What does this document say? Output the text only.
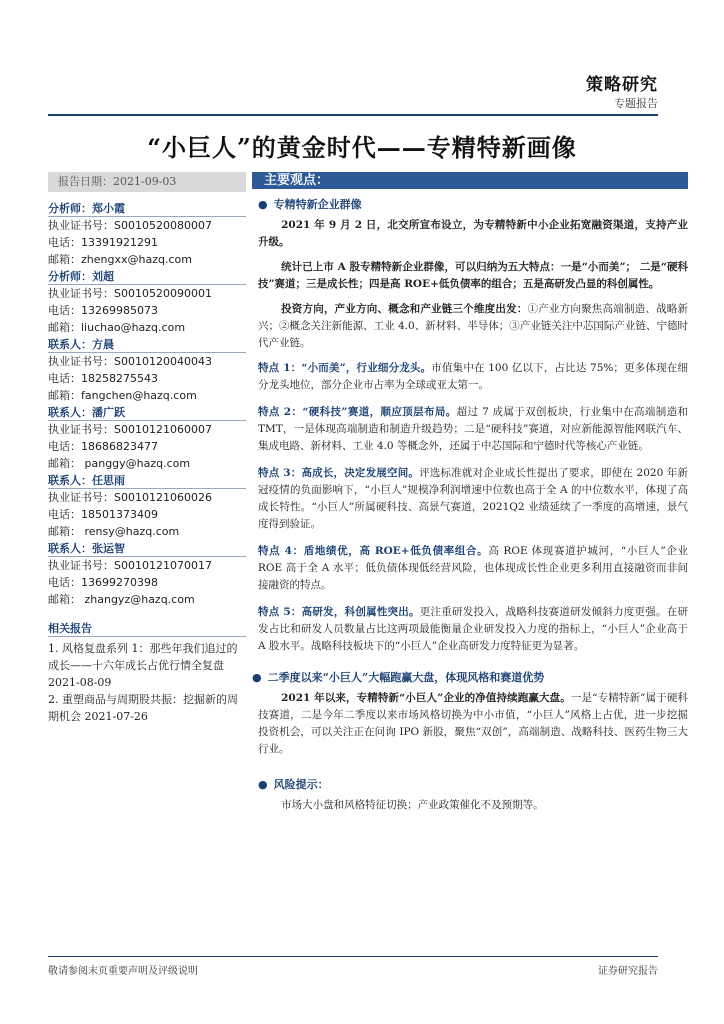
策略研究
专题报告
“小巨人”的黄金时代——专精特新画像
报告日期：2021-09-03	主要观点：
分析师：郑小霞
执业证书号：S0010520080007
电话：13391921291
邮箱：zhengxx@hazq.com
分析师：刘超
执业证书号：S0010520090001
电话：13269985073
邮箱：liuchao@hazq.com
联系人：方晨
执业证书号：S0010120040043
电话：18258275543
邮箱：fangchen@hazq.com
联系人：潘广跃
执业证书号：S0010121060007
电话：18686823477
邮箱： panggy@hazq.com
联系人：任思雨
执业证书号：S0010121060026
电话：18501373409
邮箱： rensy@hazq.com
联系人：张运智
执业证书号：S0010121070017
电话：13699270398
邮箱： zhangyz@hazq.com
相关报告
1. 风格复盘系列 1：那些年我们追过的成长——十六年成长占优行情全复盘 2021-08-09
2. 重塑商品与周期股共振：挖掘新的周期机会 2021-07-26
● 专精特新企业群像

2021 年 9 月 2 日，北交所宣布设立，为专精特新中小企业拓宽融资渠道，支持产业升级。

统计已上市 A 股专精特新企业群像，可以归纳为五大特点：一是“小而美”； 二是“硬科技”赛道；三是成长性；四是高 ROE+低负债率的组合；五是高研发凸显的科创属性。

投资方向，产业方向、概念和产业链三个维度出发：①产业方向聚焦高端制造、战略新兴；②概念关注新能源、工业 4.0、新材料、半导体；③产业链关注中芯国际产业链、宁德时代产业链。

特点 1：“小而美”，行业细分龙头。市值集中在 100 亿以下，占比达 75%；更多体现在细分龙头地位，部分企业市占率为全球或亚太第一。

特点 2：“硬科技”赛道，顺应顶层布局。超过 7 成属于双创板块，行业集中在高端制造和 TMT，一是体现高端制造和制造升级趋势；二是“硬科技”赛道，对应新能源智能网联汽车、集成电路、新材料、工业 4.0 等概念外，还属于中芯国际和宁德时代等核心产业链。

特点 3：高成长，决定发展空间。评选标准就对企业成长性提出了要求，即使在 2020 年新冠疫情的负面影响下，“小巨人”规模净利润增速中位数也高于全 A 的中位数水平，体现了高成长特性。“小巨人”所属硬科技、高景气赛道，2021Q2 业绩延续了一季度的高增速，景气度得到验证。

特点 4：盾地绩优，高 ROE+低负债率组合。高 ROE 体现赛道护城河，“小巨人”企业 ROE 高于全 A 水平；低负债体现低经营风险，也体现成长性企业更多利用直接融资而非间接融资的特点。

特点 5：高研发，科创属性突出。更注重研发投入，战略科技赛道研发倾斜力度更强。在研发占比和研发人员数量占比这两项最能衡量企业研发投入力度的指标上，“小巨人”企业高于 A 股水平。战略科技板块下的“小巨人”企业高研发力度特征更为显著。

● 二季度以来“小巨人”大幅跑赢大盘，体现风格和赛道优势

2021 年以来，专精特新“小巨人”企业的净值持续跑赢大盘。一是“专精特新”属于硬科技赛道，二是今年二季度以来市场风格切换为中小市值，“小巨人”风格上占优，进一步挖掘投资机会，可以关注正在问询 IPO 新股，聚焦“双创”，高端制造、战略科技、医药生物三大行业。

● 风险提示：

市场大小盘和风格特征切换；产业政策催化不及预期等。

敬请参阅末页重要声明及评级说明	证券研究报告
